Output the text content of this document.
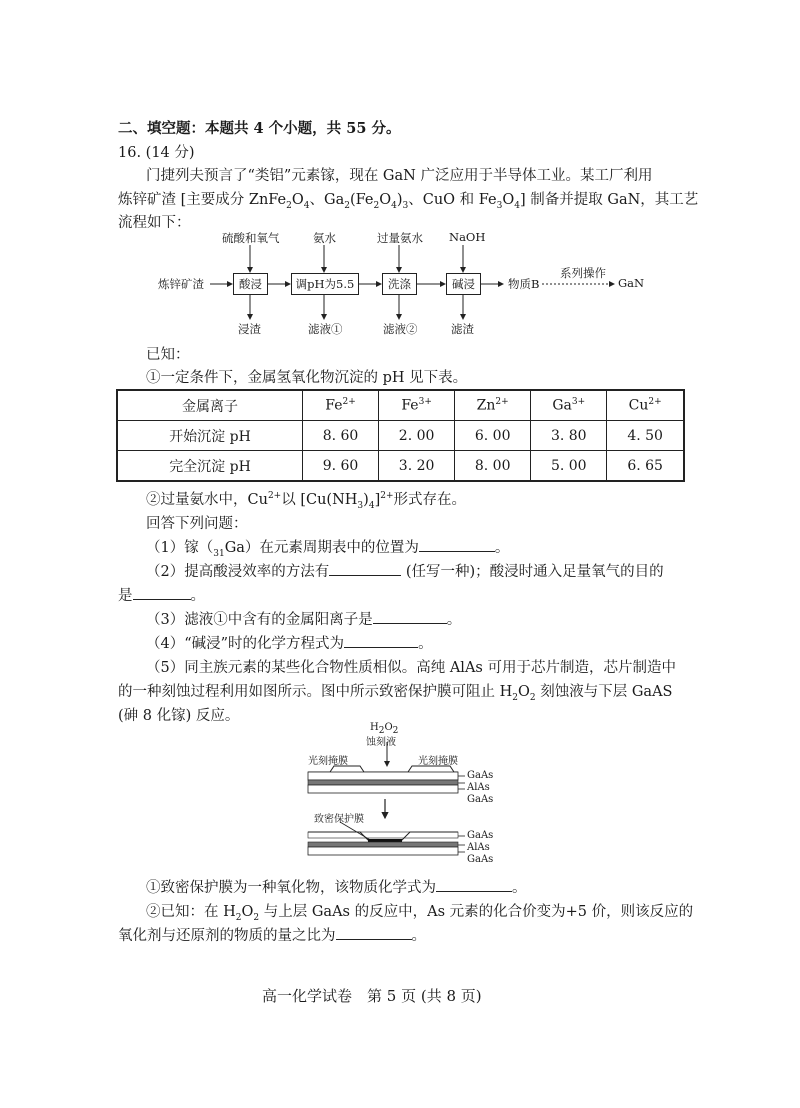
二、填空题：本题共 4 个小题，共 55 分。
16. (14 分)
门捷列夫预言了“类铝”元素镓，现在 GaN 广泛应用于半导体工业。某工厂利用
炼锌矿渣 [主要成分 $ZnFe_2O_4$、$Ga_2(Fe_2O_4)_3$、CuO 和 $Fe_3O_4$] 制备并提取 GaN，其工艺
流程如下：
炼锌矿渣	酸浸	调pH为5.5	洗涤	碱浸
硫酸和氧气	氨水	过量氨水 NaOH
浸渣	滤液①	滤液②	滤渣
物质B
系列操作
GaN
已知：
①一定条件下，金属氢氧化物沉淀的 pH 见下表。
金属离子	$Fe^{2+}$	$Fe^{3+}$	$Zn^{2+}$	$Ga^{3+}$	$Cu^{2+}$
开始沉淀 pH	8. 60	2. 00	6. 00	3. 80	4. 50
完全沉淀 pH	9. 60	3. 20	8. 00	5. 00	6. 65
②过量氨水中，$Cu^{2+}$以 $[Cu(NH_3)_4]^{2+}$形式存在。
回答下列问题：
（1）镓$(_{31}Ga)$在元素周期表中的位置为	。
（2）提高酸浸效率的方法有	(任写一种)；酸浸时通入足量氧气的目的
是	。
（3）滤液①中含有的金属阳离子是	。
（4）“碱浸”时的化学方程式为	。
（5）同主族元素的某些化合物性质相似。高纯 AlAs 可用于芯片制造，芯片制造中
的一种刻蚀过程利用如图所示。图中所示致密保护膜可阻止 $H_2O_2$ 刻蚀液与下层 GaAS
(砷 8 化镓) 反应。
$H_2O_2$
蚀刻液
光刻掩膜	光刻掩膜
GaAs
AlAs
GaAs
致密保护膜
GaAs
AlAs
GaAs
①致密保护膜为一种氧化物，该物质化学式为	。
②已知：在 $H_2O_2$ 与上层 GaAs 的反应中，As 元素的化合价变为+5 价，则该反应的
氧化剂与还原剂的物质的量之比为	。
高一化学试卷　第 5 页 (共 8 页)
